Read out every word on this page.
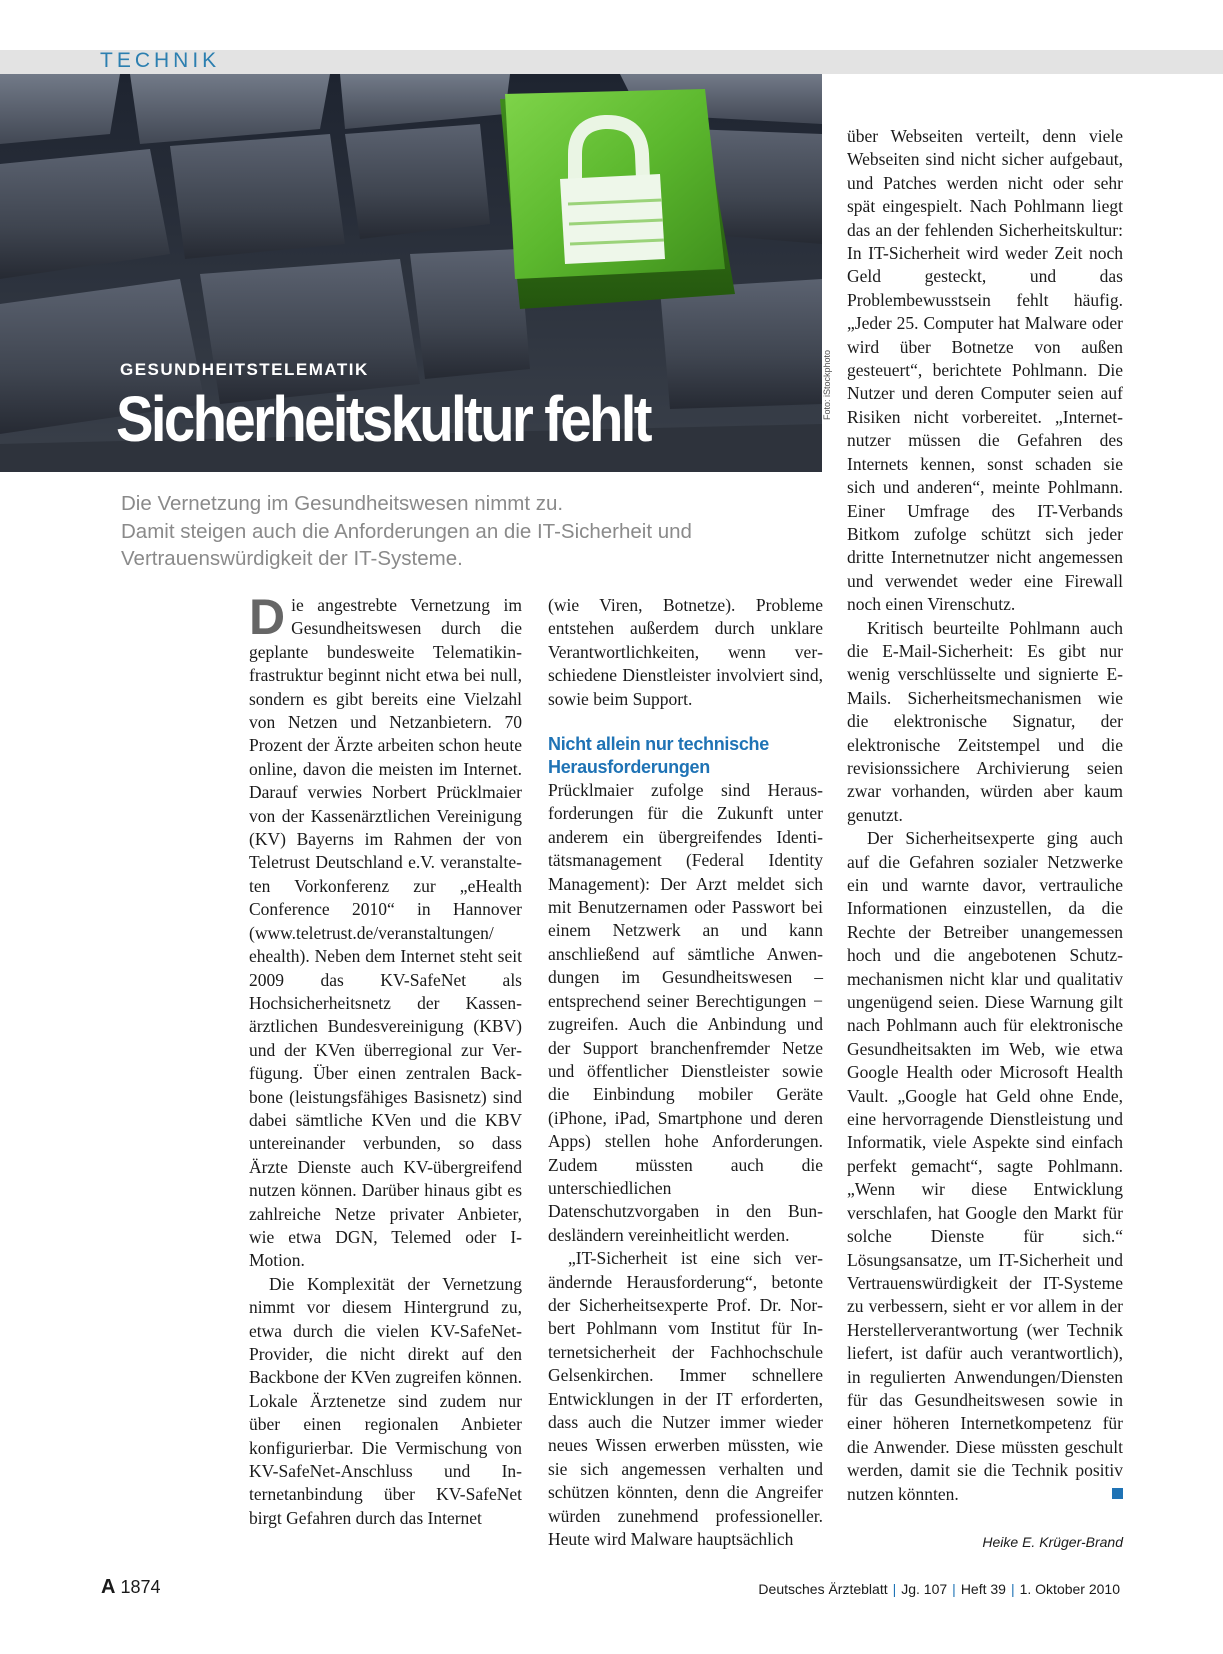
TECHNIK
GESUNDHEITSTELEMATIK
Sicherheitskultur fehlt	Foto: iStockphoto
Die Vernetzung im Gesundheitswesen nimmt zu.
Damit steigen auch die Anforderungen an die IT-Sicherheit und
Vertrauenswürdigkeit der IT-Systeme.

Die angestrebte Vernetzung im Gesundheitswesen durch die geplante bundesweite Telematikinfrastruktur beginnt nicht etwa bei null, sondern es gibt bereits eine Vielzahl von Netzen und Netzanbietern. 70 Prozent der Ärzte arbeiten schon heute online, davon die meisten im Internet. Darauf verwies Norbert Prücklmaier von der Kassenärztlichen Vereinigung (KV) Bayerns im Rahmen der von Teletrust Deutschland e.V. veranstalteten Vorkonferenz zur „eHealth Conference 2010“ in Hannover (www.teletrust.de/veranstaltungen/ ehealth). Neben dem Internet steht seit 2009 das KV-SafeNet als Hochsicherheitsnetz der Kassenärztlichen Bundesvereinigung (KBV) und der KVen überregional zur Verfügung. Über einen zentralen Backbone (leistungsfähiges Basisnetz) sind dabei sämtliche KVen und die KBV untereinander verbunden, so dass Ärzte Dienste auch KV-übergreifend nutzen können. Darüber hinaus gibt es zahlreiche Netze privater Anbieter, wie etwa DGN, Telemed oder I-Motion.

Die Komplexität der Vernetzung nimmt vor diesem Hintergrund zu, etwa durch die vielen KV-SafeNet-Provider, die nicht direkt auf den Backbone der KVen zugreifen können. Lokale Ärztenetze sind zudem nur über einen regionalen Anbieter konfigurierbar. Die Vermischung von KV-SafeNet-Anschluss und Internetanbindung über KV-SafeNet birgt Gefahren durch das Internet

(wie Viren, Botnetze). Probleme entstehen außerdem durch unklare Verantwortlichkeiten, wenn verschiedene Dienstleister involviert sind, sowie beim Support.

Nicht allein nur technische Herausforderungen

Prücklmaier zufolge sind Herausforderungen für die Zukunft unter anderem ein übergreifendes Identitätsmanagement (Federal Identity Management): Der Arzt meldet sich mit Benutzernamen oder Passwort bei einem Netzwerk an und kann anschließend auf sämtliche Anwendungen im Gesundheitswesen – entsprechend seiner Berechtigungen − zugreifen. Auch die Anbindung und der Support branchenfremder Netze und öffentlicher Dienstleister sowie die Einbindung mobiler Geräte (iPhone, iPad, Smartphone und deren Apps) stellen hohe Anforderungen. Zudem müssten auch die unterschiedlichen Datenschutzvorgaben in den Bundesländern vereinheitlicht werden.

„IT-Sicherheit ist eine sich verändernde Herausforderung“, betonte der Sicherheitsexperte Prof. Dr. Norbert Pohlmann vom Institut für Internetsicherheit der Fachhochschule Gelsenkirchen. Immer schnellere Entwicklungen in der IT erforderten, dass auch die Nutzer immer wieder neues Wissen erwerben müssten, wie sie sich angemessen verhalten und schützen könnten, denn die Angreifer würden zunehmend professioneller. Heute wird Malware hauptsächlich

über Webseiten verteilt, denn viele Webseiten sind nicht sicher aufgebaut, und Patches werden nicht oder sehr spät eingespielt. Nach Pohlmann liegt das an der fehlenden Sicherheitskultur: In IT-Sicherheit wird weder Zeit noch Geld gesteckt, und das Problembewusstsein fehlt häufig. „Jeder 25. Computer hat Malware oder wird über Botnetze von außen gesteuert“, berichtete Pohlmann. Die Nutzer und deren Computer seien auf Risiken nicht vorbereitet. „Internetnutzer müssen die Gefahren des Internets kennen, sonst schaden sie sich und anderen“, meinte Pohlmann. Einer Umfrage des IT-Verbands Bitkom zufolge schützt sich jeder dritte Internetnutzer nicht angemessen und verwendet weder eine Firewall noch einen Virenschutz.

Kritisch beurteilte Pohlmann auch die E-Mail-Sicherheit: Es gibt nur wenig verschlüsselte und signierte E-Mails. Sicherheitsmechanismen wie die elektronische Signatur, der elektronische Zeitstempel und die revisionssichere Archivierung seien zwar vorhanden, würden aber kaum genutzt.

Der Sicherheitsexperte ging auch auf die Gefahren sozialer Netzwerke ein und warnte davor, vertrauliche Informationen einzustellen, da die Rechte der Betreiber unangemessen hoch und die angebotenen Schutzmechanismen nicht klar und qualitativ ungenügend seien. Diese Warnung gilt nach Pohlmann auch für elektronische Gesundheitsakten im Web, wie etwa Google Health oder Microsoft Health Vault. „Google hat Geld ohne Ende, eine hervorragende Dienstleistung und Informatik, viele Aspekte sind einfach perfekt gemacht“, sagte Pohlmann. „Wenn wir diese Entwicklung verschlafen, hat Google den Markt für solche Dienste für sich.“ Lösungsansatze, um IT-Sicherheit und Vertrauenswürdigkeit der IT-Systeme zu verbessern, sieht er vor allem in der Herstellerverantwortung (wer Technik liefert, ist dafür auch verantwortlich), in regulierten Anwendungen/Diensten für das Gesundheitswesen sowie in einer höheren Internetkompetenz für die Anwender. Diese müssten geschult werden, damit sie die Technik positiv nutzen könnten.

Heike E. Krüger-Brand
A 1874	Deutsches Ärzteblatt | Jg. 107 | Heft 39 | 1. Oktober 2010
